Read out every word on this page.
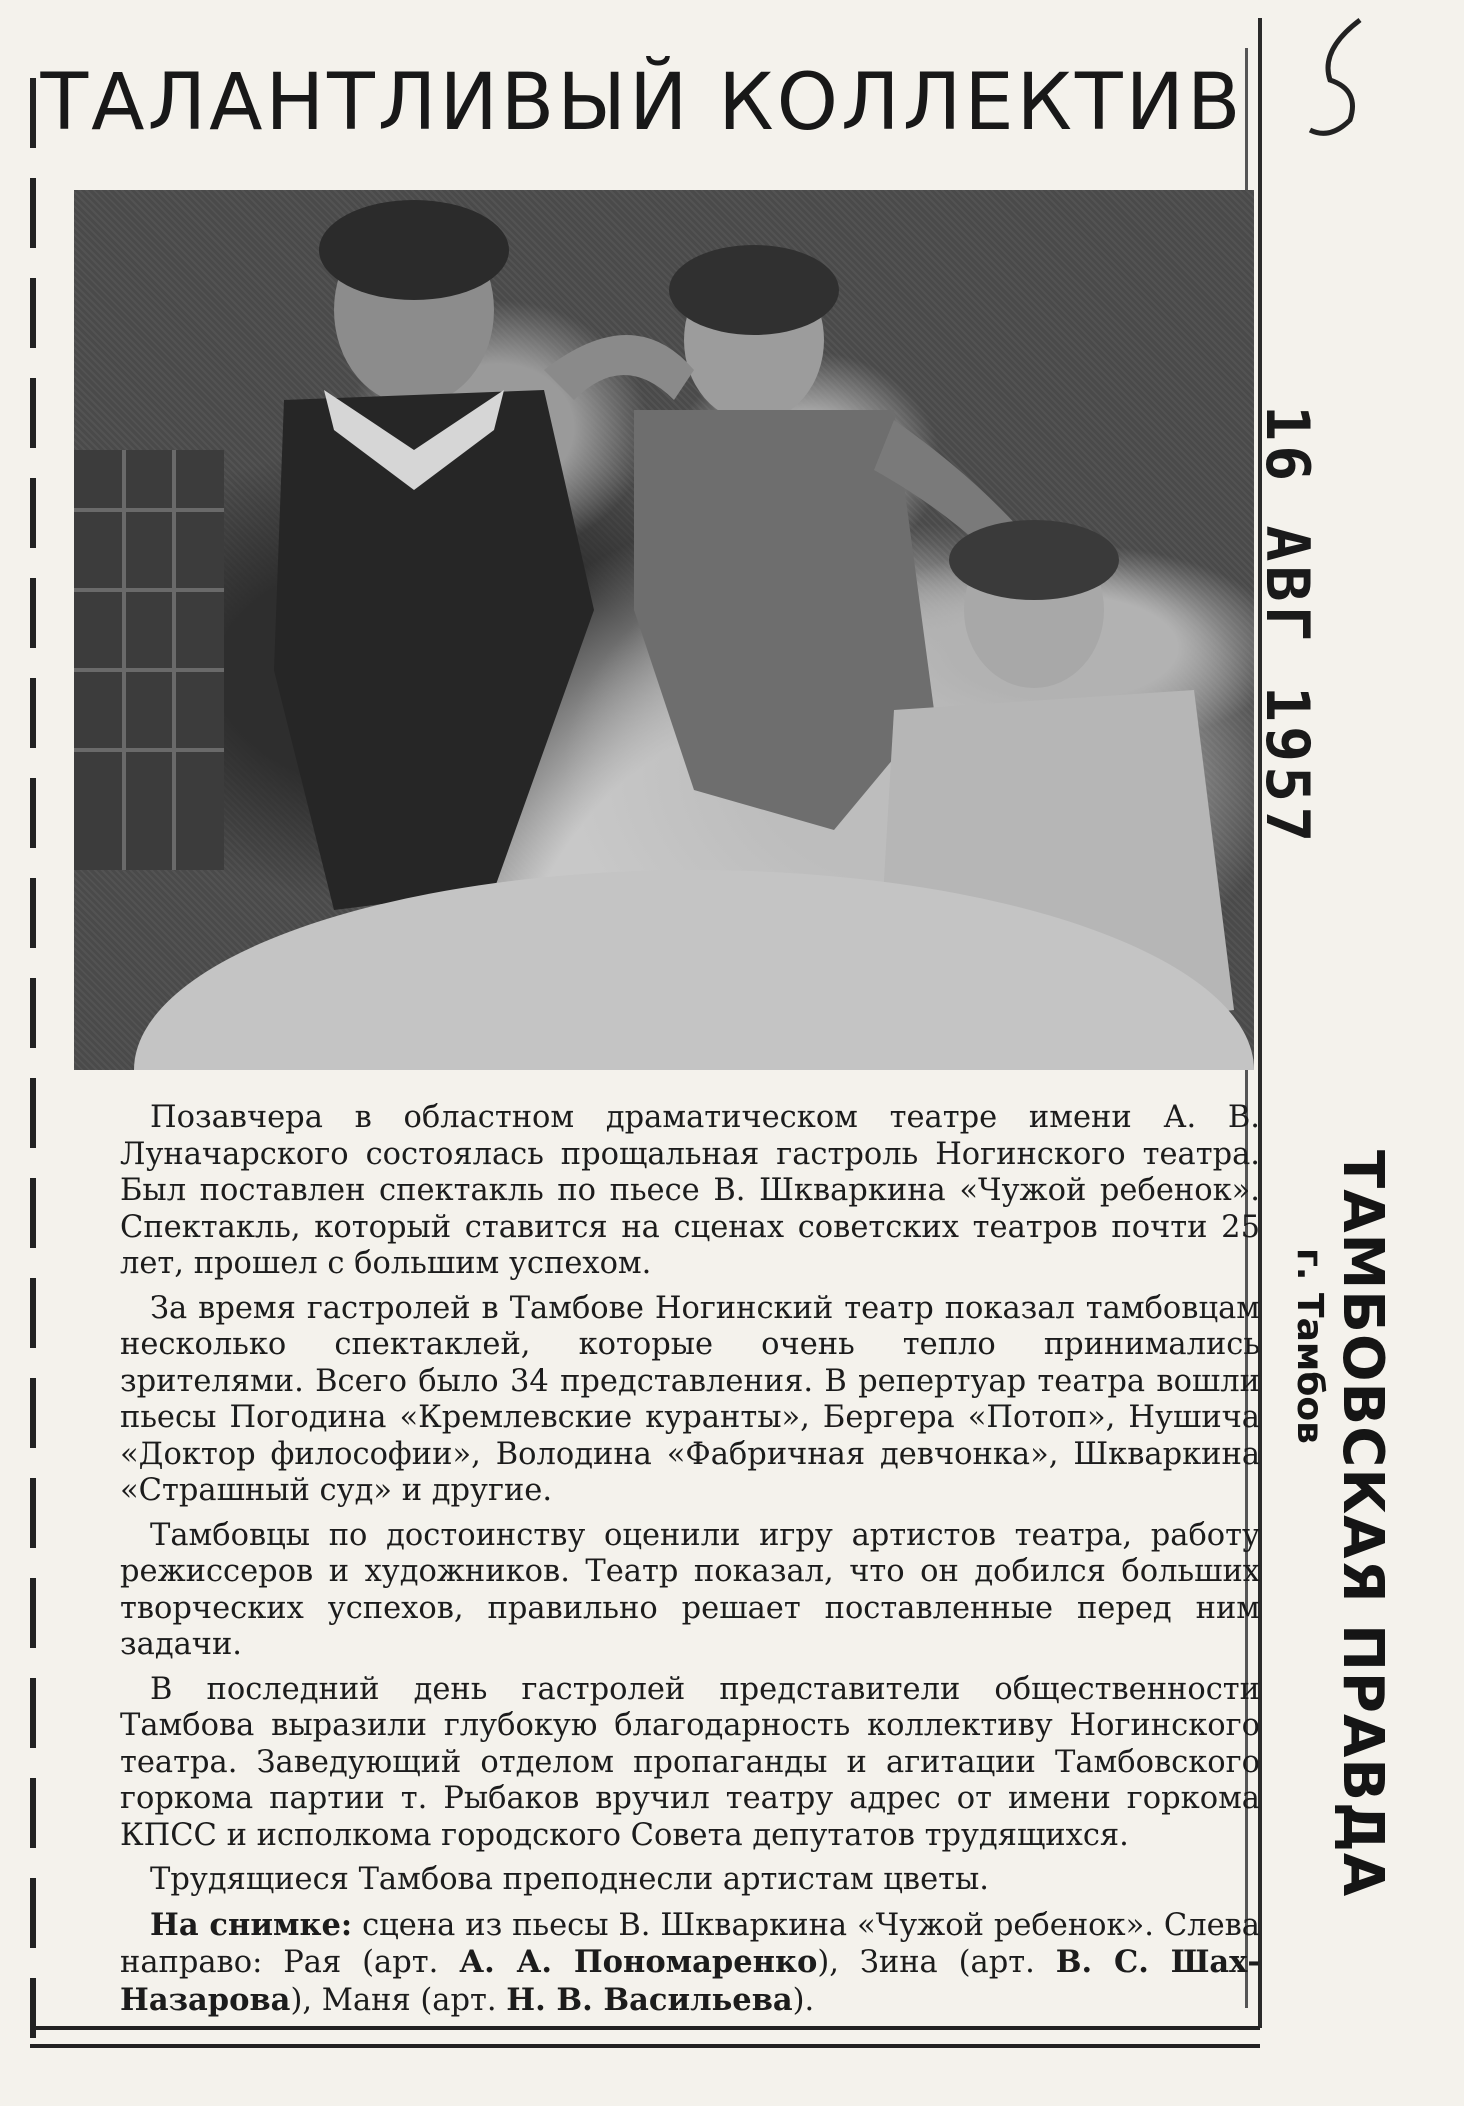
ТАЛАНТЛИВЫЙ КОЛЛЕКТИВ

Позавчера в областном драматическом театре имени А. В. Луначарского состоялась прощальная гастроль Ногинского театра. Был поставлен спектакль по пьесе В. Шкваркина «Чужой ребенок». Спектакль, который ставится на сценах советских театров почти 25 лет, прошел с большим успехом.

За время гастролей в Тамбове Ногинский театр показал тамбовцам несколько спектаклей, которые очень тепло принимались зрителями. Всего было 34 представления. В репертуар театра вошли пьесы Погодина «Кремлевские куранты», Бергера «Потоп», Нушича «Доктор философии», Володина «Фабричная девчонка», Шкваркина «Страшный суд» и другие.

Тамбовцы по достоинству оценили игру артистов театра, работу режиссеров и художников. Театр показал, что он добился больших творческих успехов, правильно решает поставленные перед ним задачи.

В последний день гастролей представители общественности Тамбова выразили глубокую благодарность коллективу Ногинского театра. Заведующий отделом пропаганды и агитации Тамбовского горкома партии т. Рыбаков вручил театру адрес от имени горкома КПСС и исполкома городского Совета депутатов трудящихся.

Трудящиеся Тамбова преподнесли артистам цветы.

На снимке: сцена из пьесы В. Шкваркина «Чужой ребенок». Слева направо: Рая (арт. А. А. Пономаренко), Зина (арт. В. С. Шах-Назарова), Маня (арт. Н. В. Васильева).

16 АВГ 1957
ТАМБОВСКАЯ ПРАВДА
г. Тамбов
